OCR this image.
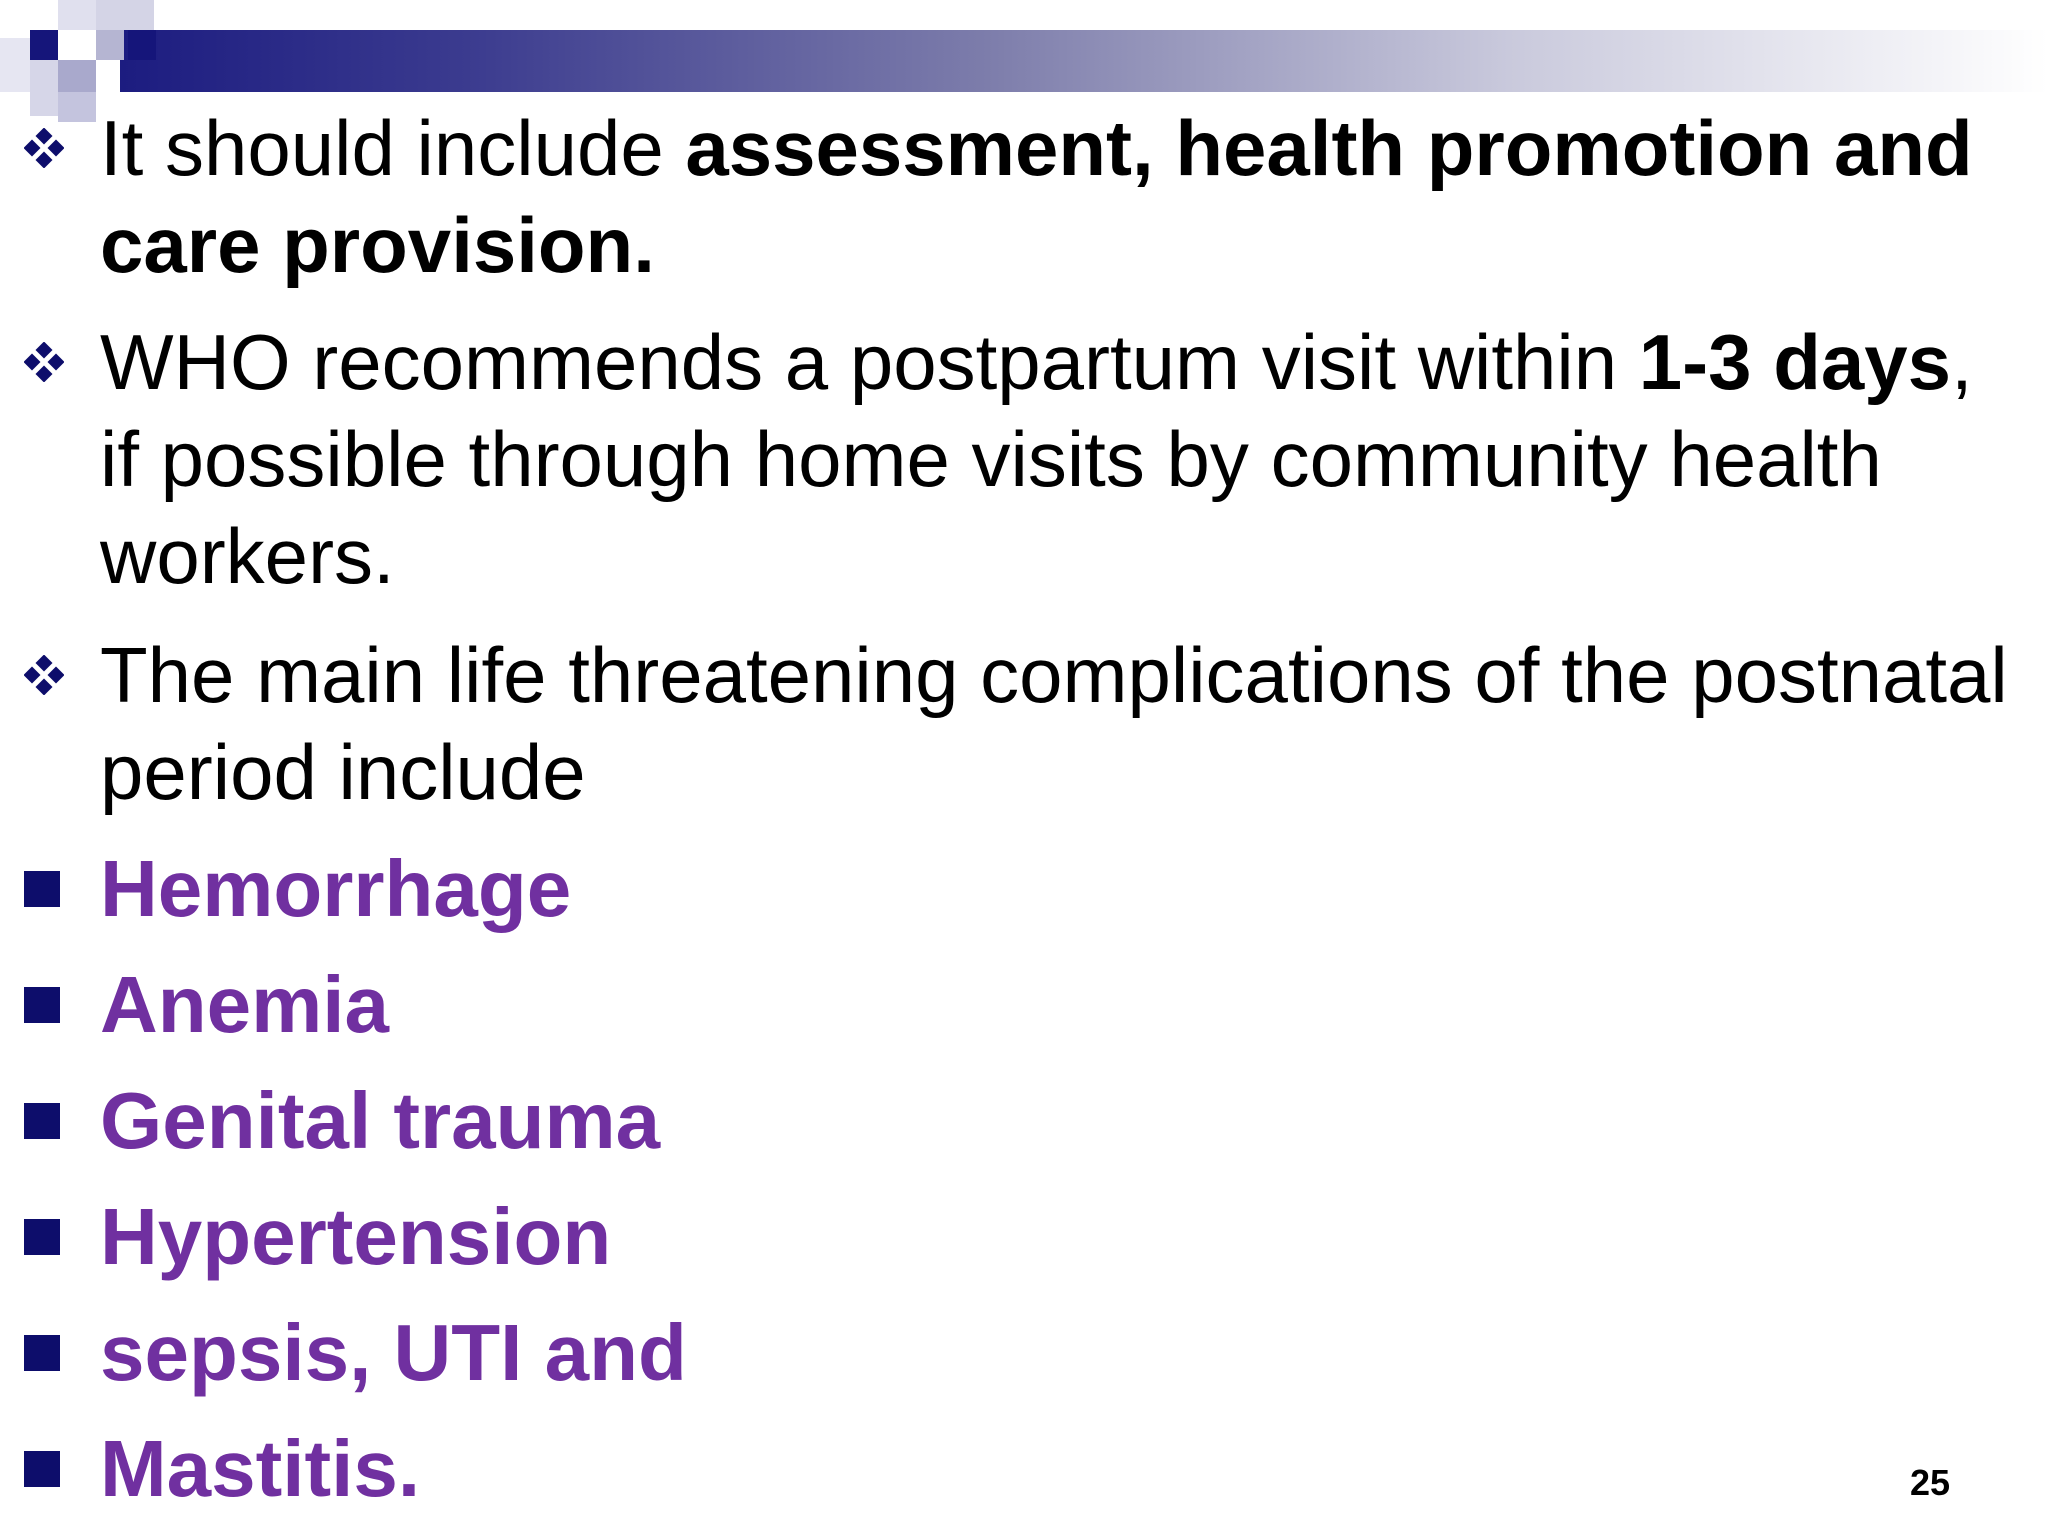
It should include assessment, health promotion and care provision.
WHO recommends a postpartum visit within 1-3 days, if possible through home visits by community health workers.
The main life threatening complications of the postnatal period include
Hemorrhage
Anemia
Genital trauma
Hypertension
sepsis, UTI and
Mastitis.	25
